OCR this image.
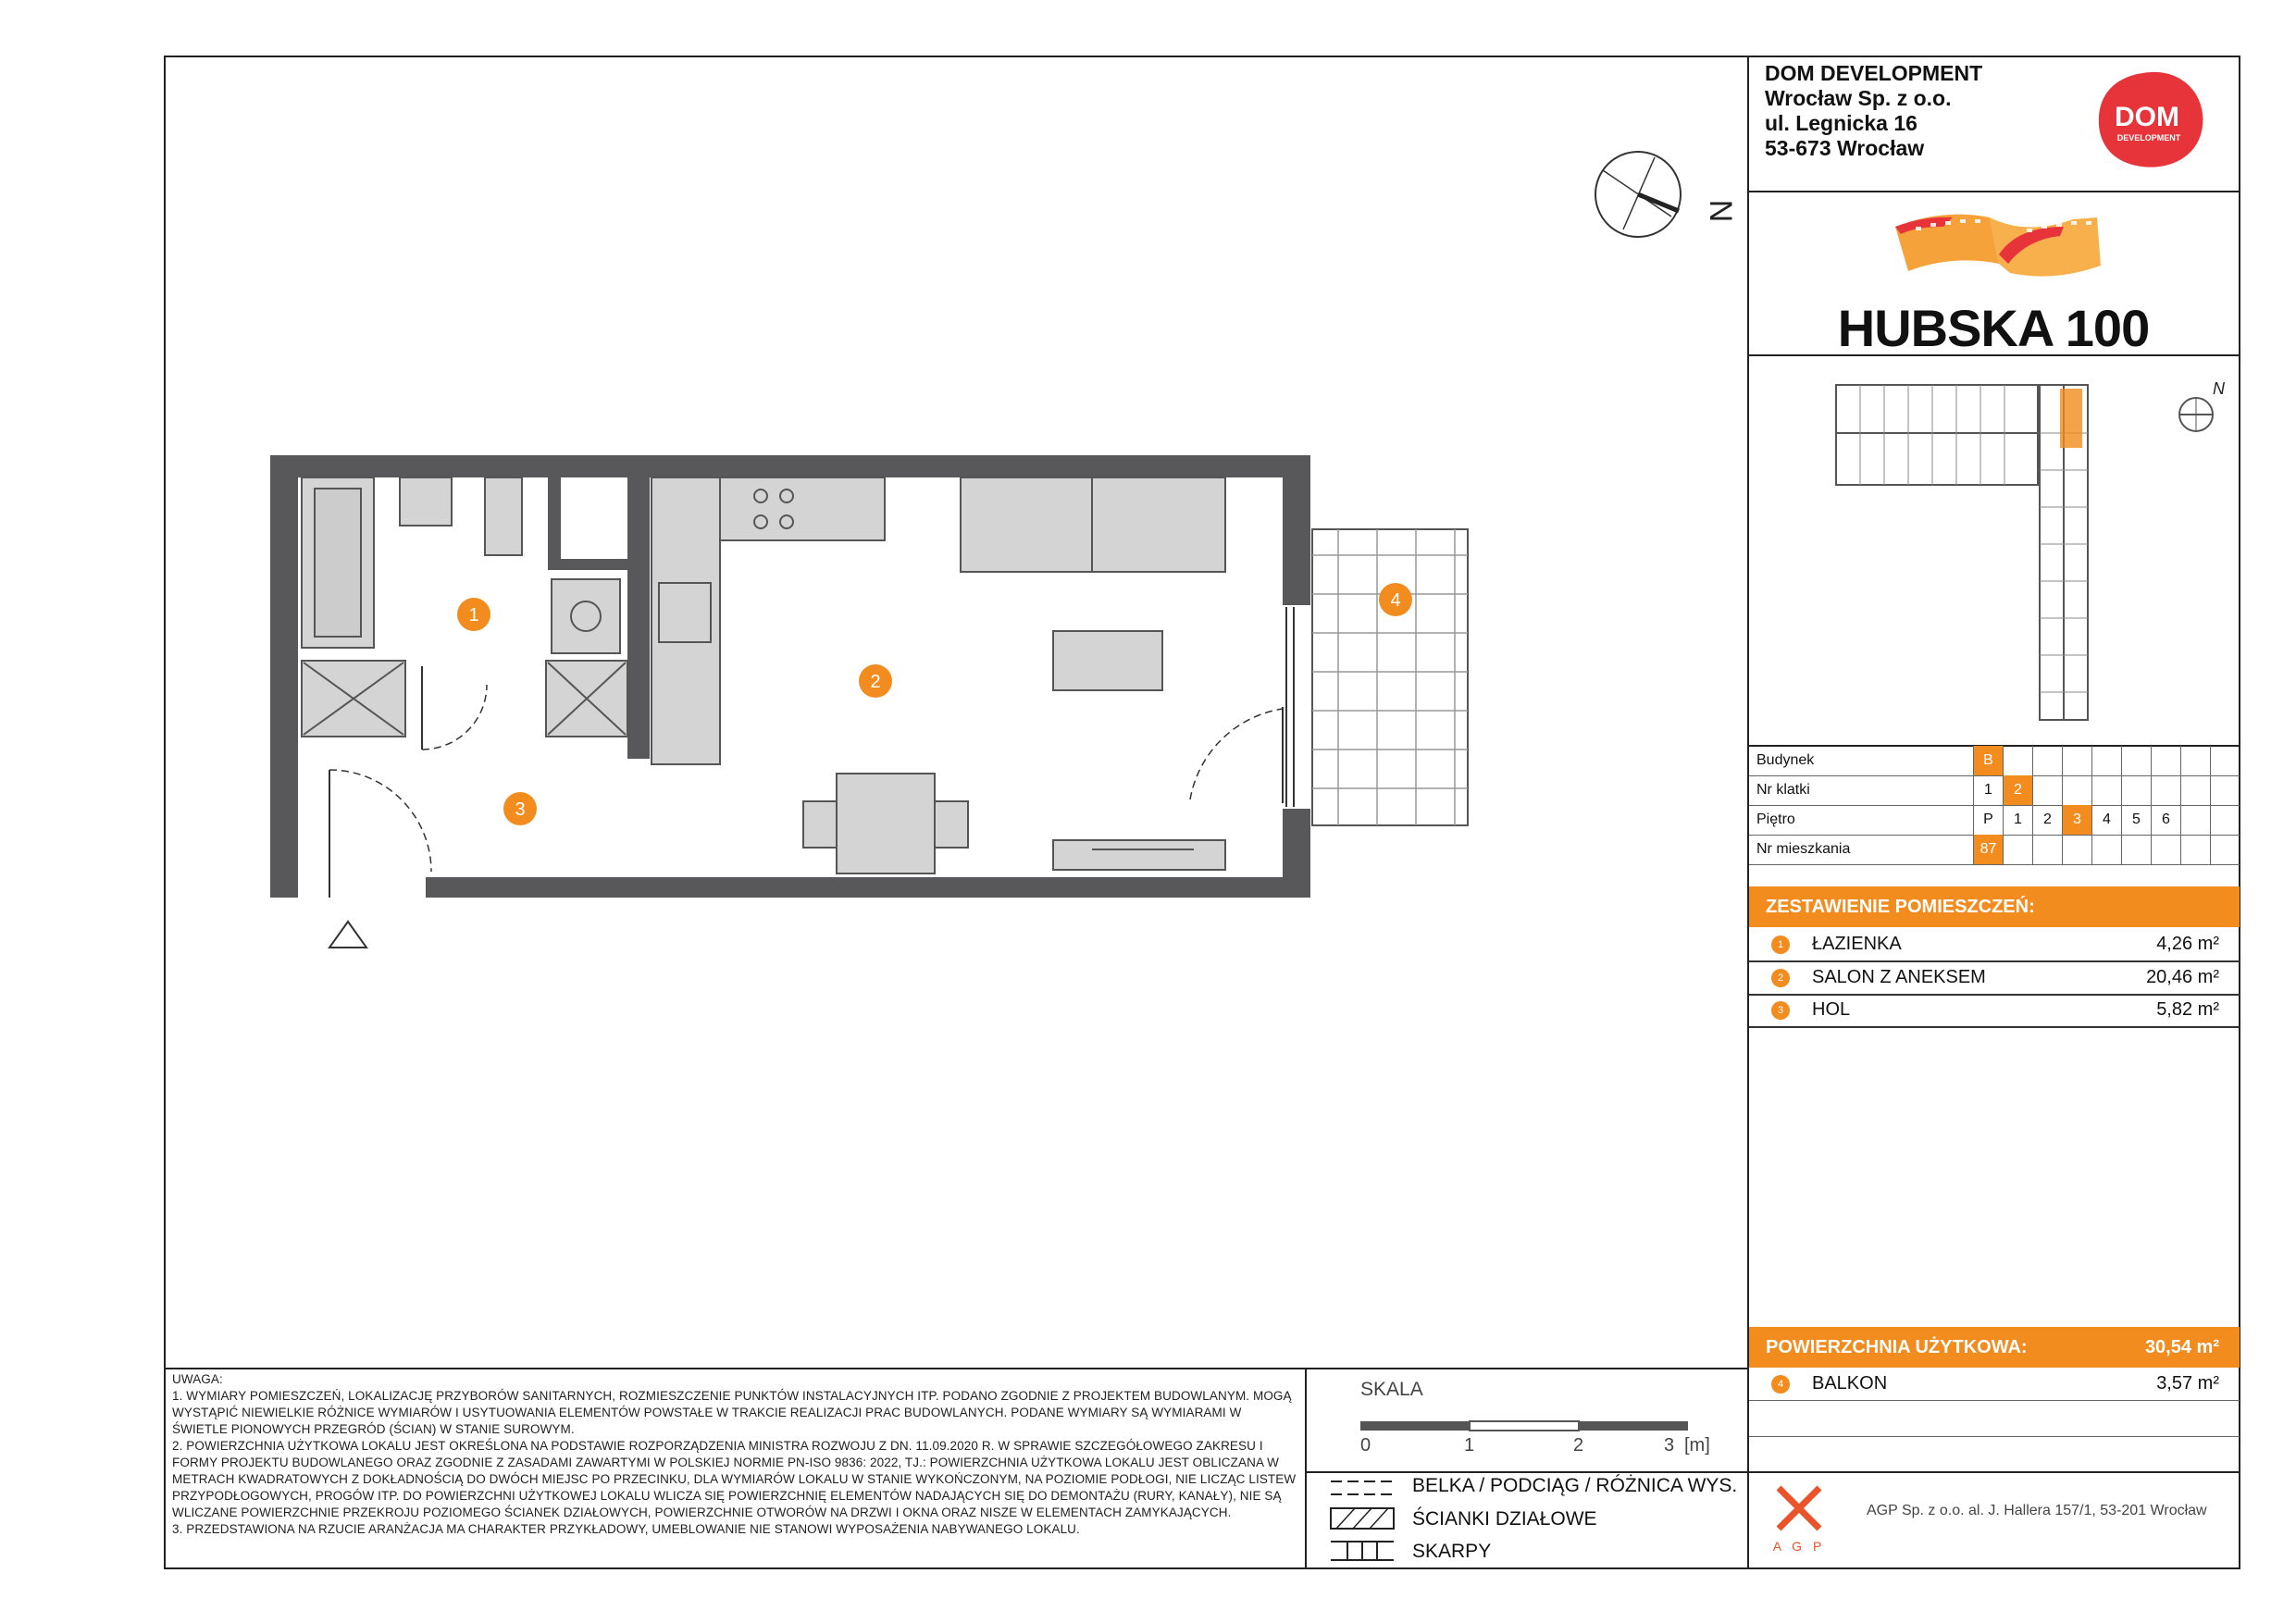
DOM DEVELOPMENT
Wrocław Sp. z o.o.
ul. Legnicka 16
53-673 Wrocław
DOM
DEVELOPMENT
HUBSKA 100
N
Budynek	B
Nr klatki	1	2
Piętro	P	1	2	3	4	5	6
Nr mieszkania	87
ZESTAWIENIE POMIESZCZEŃ:
1	ŁAZIENKA	4,26 m²
2	SALON Z ANEKSEM	20,46 m²
3	HOL	5,82 m²
POWIERZCHNIA UŻYTKOWA:	30,54 m²
4	BALKON	3,57 m²
UWAGA:
1. WYMIARY POMIESZCZEŃ, LOKALIZACJĘ PRZYBORÓW SANITARNYCH, ROZMIESZCZENIE PUNKTÓW INSTALACYJNYCH ITP. PODANO ZGODNIE Z PROJEKTEM BUDOWLANYM. MOGĄ WYSTĄPIĆ NIEWIELKIE RÓŻNICE WYMIARÓW I USYTUOWANIA ELEMENTÓW POWSTAŁE W TRAKCIE REALIZACJI PRAC BUDOWLANYCH. PODANE WYMIARY SĄ WYMIARAMI W ŚWIETLE PIONOWYCH PRZEGRÓD (ŚCIAN) W STANIE SUROWYM.
2. POWIERZCHNIA UŻYTKOWA LOKALU JEST OKREŚLONA NA PODSTAWIE ROZPORZĄDZENIA MINISTRA ROZWOJU Z DN. 11.09.2020 R. W SPRAWIE SZCZEGÓŁOWEGO ZAKRESU I FORMY PROJEKTU BUDOWLANEGO ORAZ ZGODNIE Z ZASADAMI ZAWARTYMI W POLSKIEJ NORMIE PN-ISO 9836: 2022, TJ.: POWIERZCHNIA UŻYTKOWA LOKALU JEST OBLICZANA W METRACH KWADRATOWYCH Z DOKŁADNOŚCIĄ DO DWÓCH MIEJSC PO PRZECINKU, DLA WYMIARÓW LOKALU W STANIE WYKOŃCZONYM, NA POZIOMIE PODŁOGI, NIE LICZĄC LISTEW PRZYPODŁOGOWYCH, PROGÓW ITP. DO POWIERZCHNI UŻYTKOWEJ LOKALU WLICZA SIĘ POWIERZCHNIĘ ELEMENTÓW NADAJĄCYCH SIĘ DO DEMONTAŻU (RURY, KANAŁY), NIE SĄ WLICZANE POWIERZCHNIE PRZEKROJU POZIOMEGO ŚCIANEK DZIAŁOWYCH, POWIERZCHNIE OTWORÓW NA DRZWI I OKNA ORAZ NISZE W ELEMENTACH ZAMYKAJĄCYCH.
3. PRZEDSTAWIONA NA RZUCIE ARANŻACJA MA CHARAKTER PRZYKŁADOWY, UMEBLOWANIE NIE STANOWI WYPOSAŻENIA NABYWANEGO LOKALU.
SKALA
0	1	2	3 [m]
BELKA / PODCIĄG / RÓŻNICA WYS.
ŚCIANKI DZIAŁOWE
SKARPY	A G P
AGP Sp. z o.o. al. J. Hallera 157/1, 53-201 Wrocław
N
1
2
3
4
